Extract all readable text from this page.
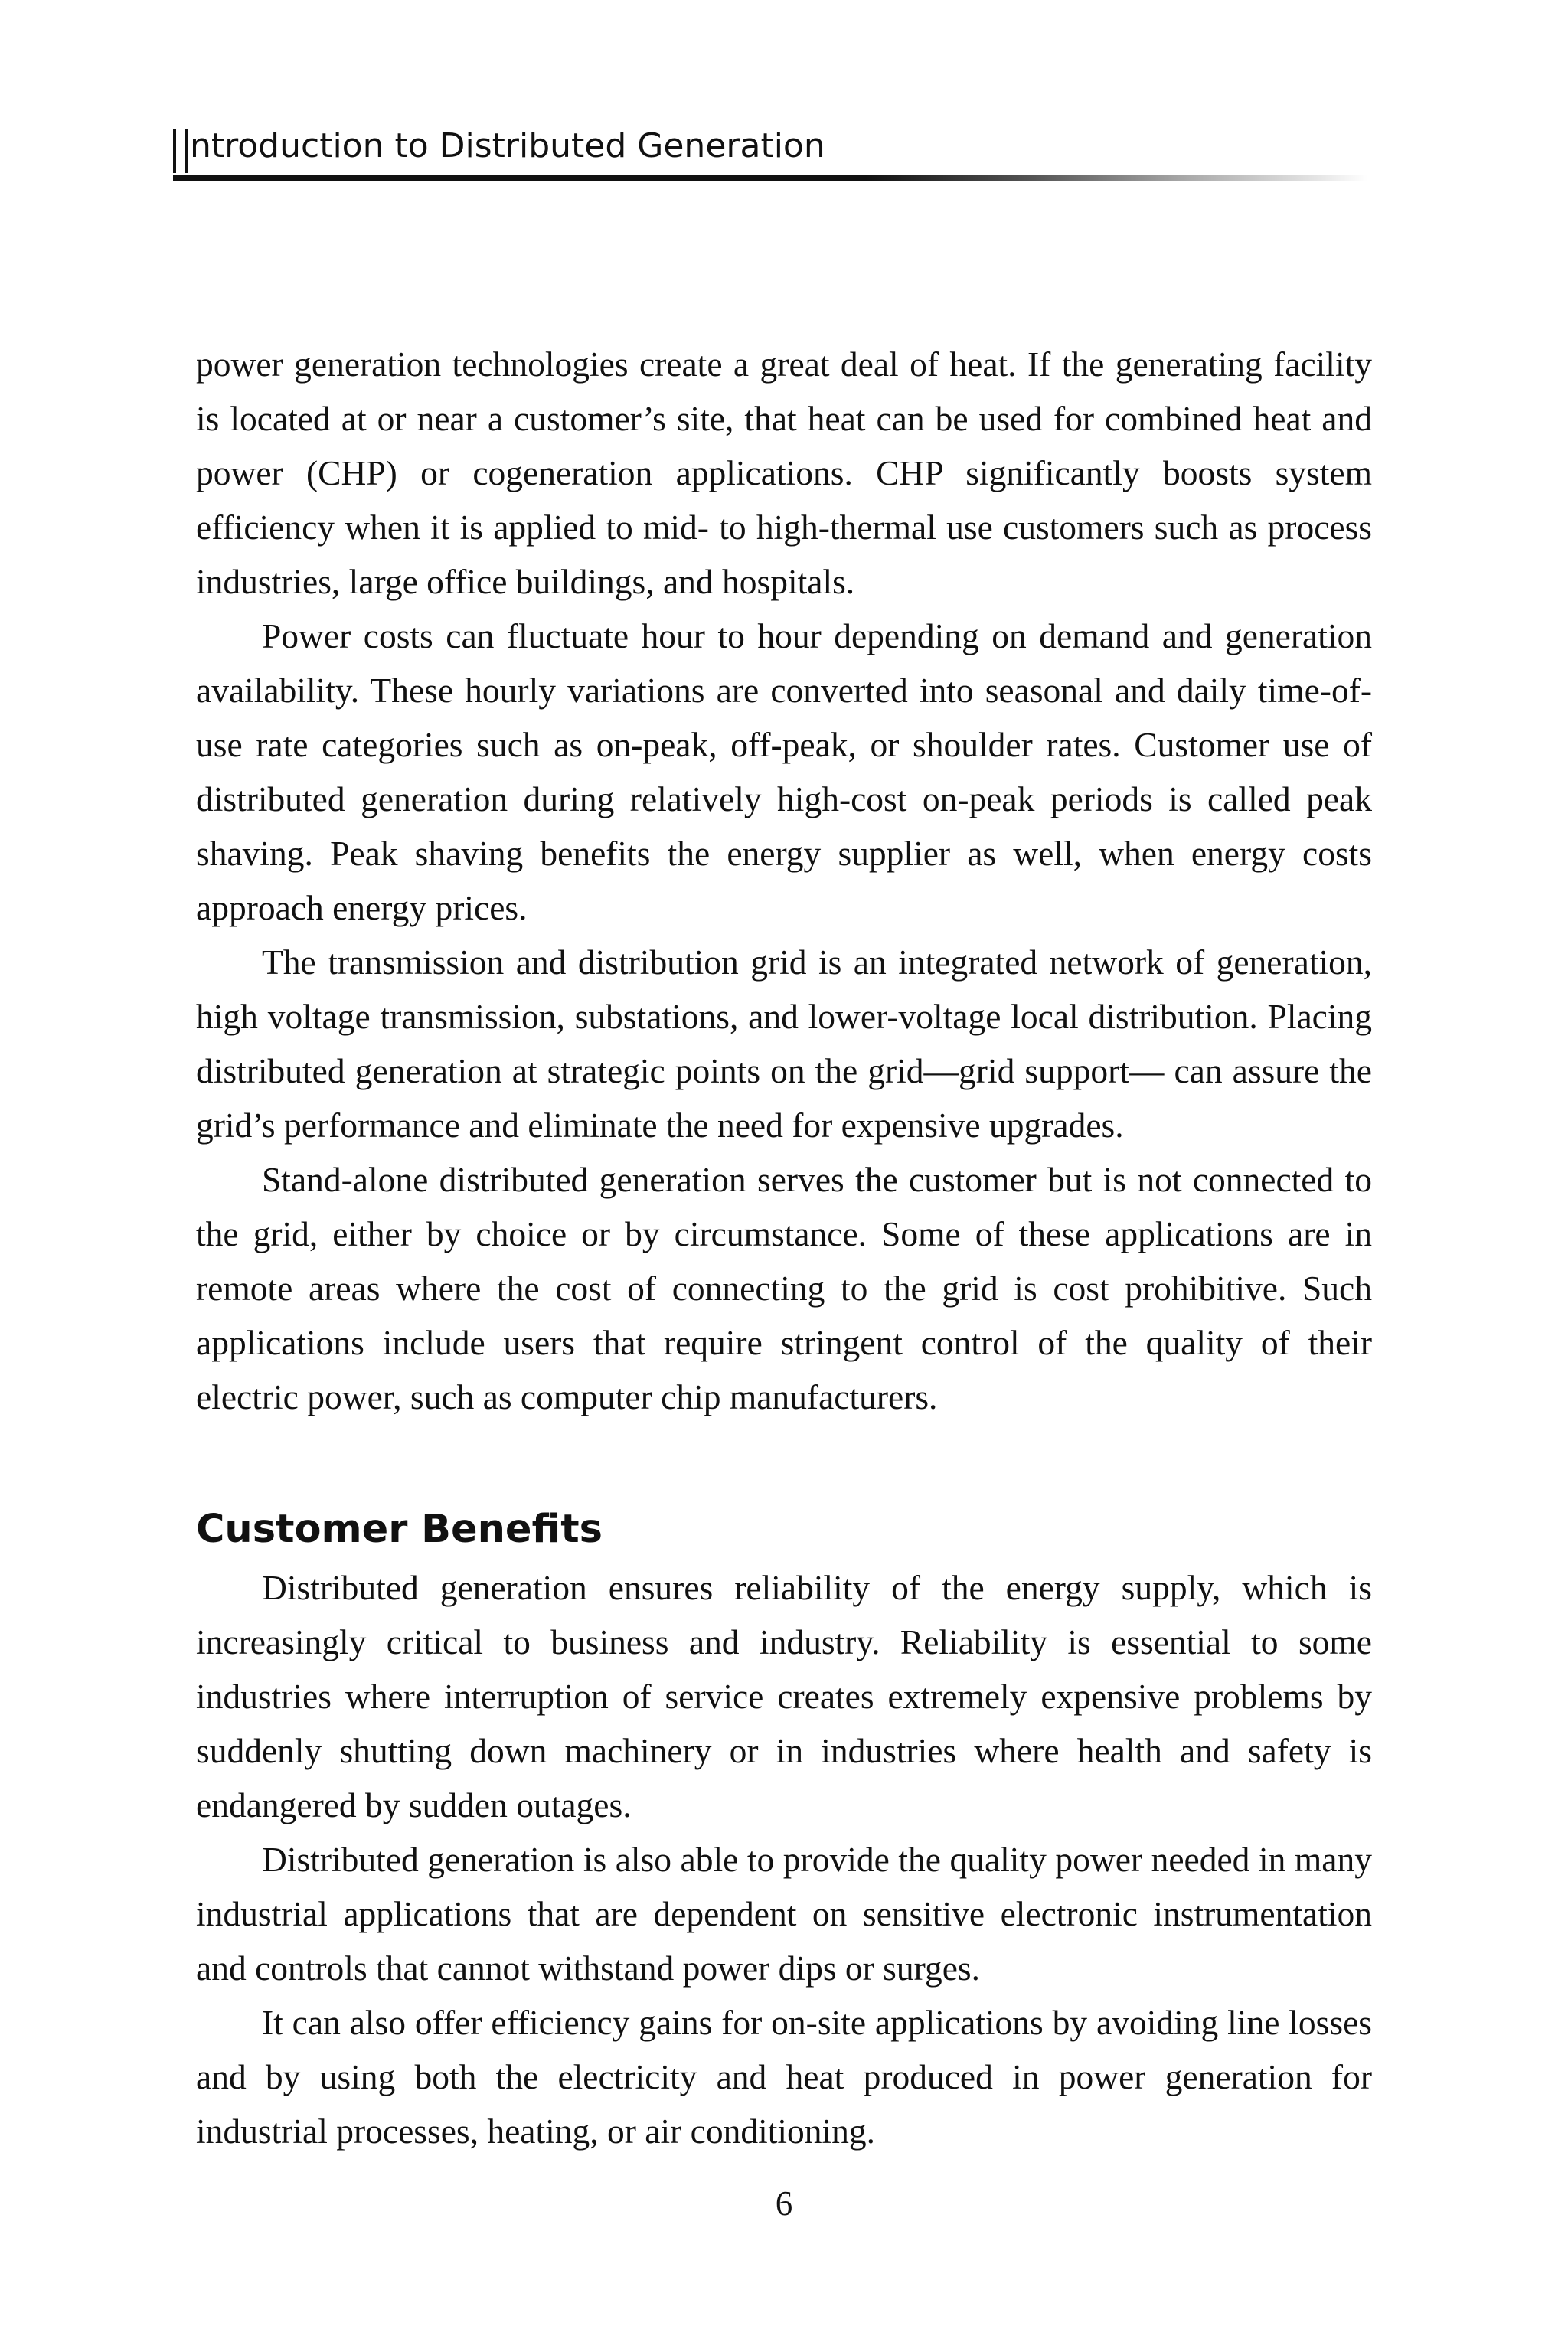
ntroduction to Distributed Generation

power generation technologies create a great deal of heat. If the generating facility is located at or near a customer’s site, that heat can be used for combined heat and power (CHP) or cogeneration applications. CHP significantly boosts system efficiency when it is applied to mid- to high-thermal use customers such as process industries, large office buildings, and hospitals.

Power costs can fluctuate hour to hour depending on demand and generation availability. These hourly variations are converted into seasonal and daily time-of-use rate categories such as on-peak, off-peak, or shoulder rates. Customer use of distributed generation during relatively high-cost on-peak periods is called peak shaving. Peak shaving benefits the energy supplier as well, when energy costs approach energy prices.

The transmission and distribution grid is an integrated network of generation, high voltage transmission, substations, and lower-voltage local distribution. Placing distributed generation at strategic points on the grid—grid support— can assure the grid’s performance and eliminate the need for expensive upgrades.

Stand-alone distributed generation serves the customer but is not connected to the grid, either by choice or by circumstance. Some of these applications are in remote areas where the cost of connecting to the grid is cost prohibitive. Such applications include users that require stringent control of the quality of their electric power, such as computer chip manufacturers.

Customer Benefits

Distributed generation ensures reliability of the energy supply, which is increasingly critical to business and industry. Reliability is essential to some industries where interruption of service creates extremely expensive problems by suddenly shutting down machinery or in industries where health and safety is endangered by sudden outages.

Distributed generation is also able to provide the quality power needed in many industrial applications that are dependent on sensitive electronic instrumentation and controls that cannot withstand power dips or surges.

It can also offer efficiency gains for on-site applications by avoiding line losses and by using both the electricity and heat produced in power generation for industrial processes, heating, or air conditioning.

6
